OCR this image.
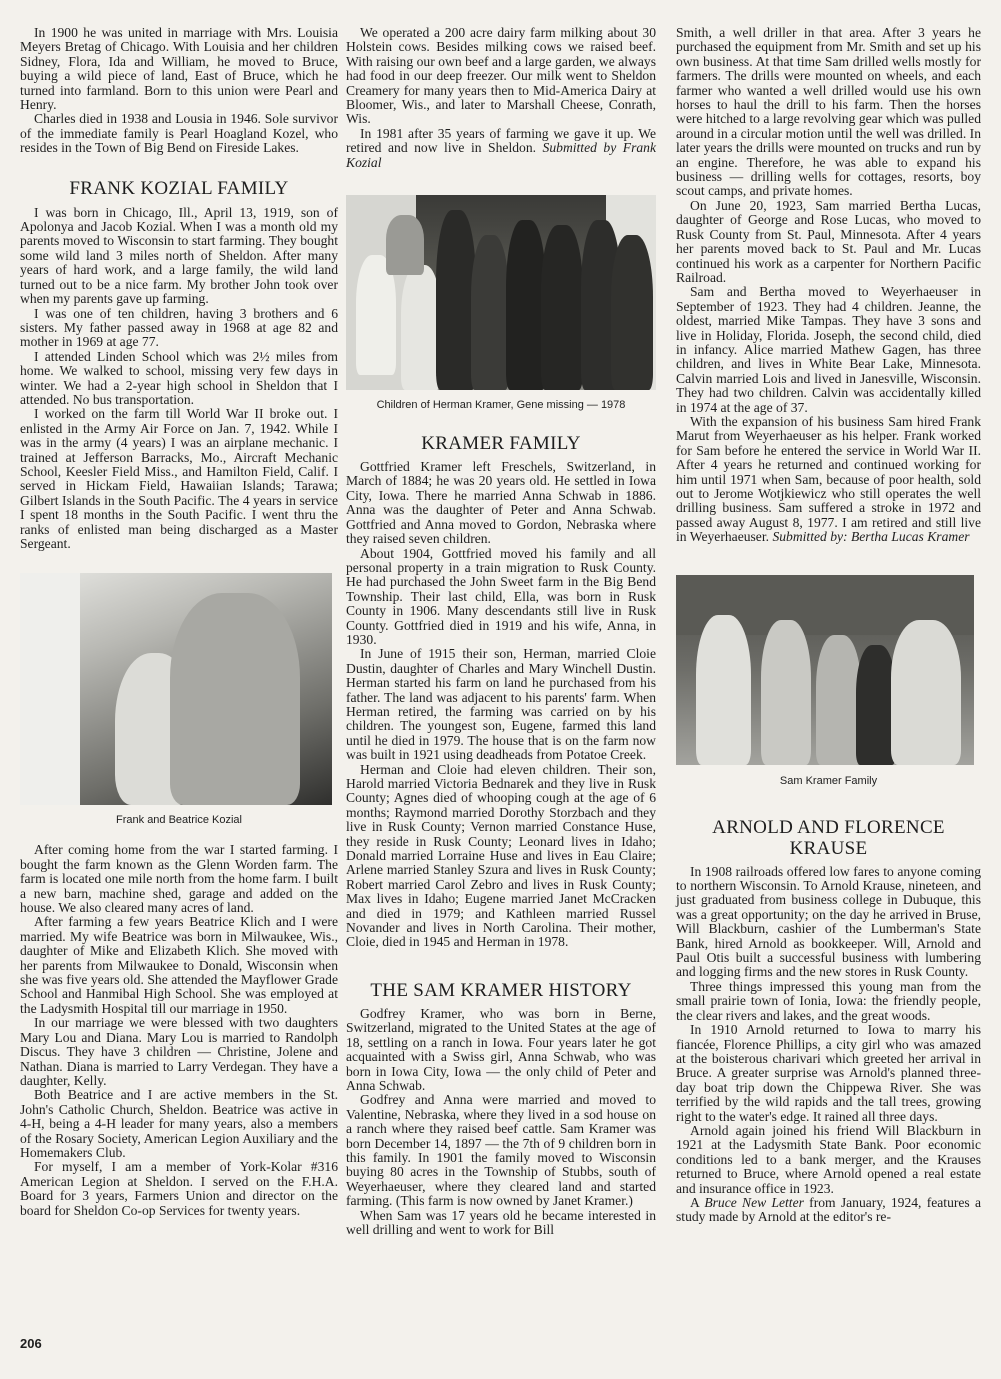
In 1900 he was united in marriage with Mrs. Louisia Meyers Bretag of Chicago. With Louisia and her children Sidney, Flora, Ida and William, he moved to Bruce, buying a wild piece of land, East of Bruce, which he turned into farmland. Born to this union were Pearl and Henry.

Charles died in 1938 and Lousia in 1946. Sole survivor of the immediate family is Pearl Hoagland Kozel, who resides in the Town of Big Bend on Fireside Lakes.

FRANK KOZIAL FAMILY

I was born in Chicago, Ill., April 13, 1919, son of Apolonya and Jacob Kozial. When I was a month old my parents moved to Wisconsin to start farming. They bought some wild land 3 miles north of Sheldon. After many years of hard work, and a large family, the wild land turned out to be a nice farm. My brother John took over when my parents gave up farming.

I was one of ten children, having 3 brothers and 6 sisters. My father passed away in 1968 at age 82 and mother in 1969 at age 77.

I attended Linden School which was 2½ miles from home. We walked to school, missing very few days in winter. We had a 2-year high school in Sheldon that I attended. No bus transportation.

I worked on the farm till World War II broke out. I enlisted in the Army Air Force on Jan. 7, 1942. While I was in the army (4 years) I was an airplane mechanic. I trained at Jefferson Barracks, Mo., Aircraft Mechanic School, Keesler Field Miss., and Hamilton Field, Calif. I served in Hickam Field, Hawaiian Islands; Tarawa; Gilbert Islands in the South Pacific. The 4 years in service I spent 18 months in the South Pacific. I went thru the ranks of enlisted man being discharged as a Master Sergeant.

Frank and Beatrice Kozial

After coming home from the war I started farming. I bought the farm known as the Glenn Worden farm. The farm is located one mile north from the home farm. I built a new barn, machine shed, garage and added on the house. We also cleared many acres of land.

After farming a few years Beatrice Klich and I were married. My wife Beatrice was born in Milwaukee, Wis., daughter of Mike and Elizabeth Klich. She moved with her parents from Milwaukee to Donald, Wisconsin when she was five years old. She attended the Mayflower Grade School and Hanmibal High School. She was employed at the Ladysmith Hospital till our marriage in 1950.

In our marriage we were blessed with two daughters Mary Lou and Diana. Mary Lou is married to Randolph Discus. They have 3 children — Christine, Jolene and Nathan. Diana is married to Larry Verdegan. They have a daughter, Kelly.

Both Beatrice and I are active members in the St. John's Catholic Church, Sheldon. Beatrice was active in 4-H, being a 4-H leader for many years, also a members of the Rosary Society, American Legion Auxiliary and the Homemakers Club.

For myself, I am a member of York-Kolar #316 American Legion at Sheldon. I served on the F.H.A. Board for 3 years, Farmers Union and director on the board for Sheldon Co-op Services for twenty years.

We operated a 200 acre dairy farm milking about 30 Holstein cows. Besides milking cows we raised beef. With raising our own beef and a large garden, we always had food in our deep freezer. Our milk went to Sheldon Creamery for many years then to Mid-America Dairy at Bloomer, Wis., and later to Marshall Cheese, Conrath, Wis.

In 1981 after 35 years of farming we gave it up. We retired and now live in Sheldon. Submitted by Frank Kozial

Children of Herman Kramer, Gene missing — 1978
KRAMER FAMILY

Gottfried Kramer left Freschels, Switzerland, in March of 1884; he was 20 years old. He settled in Iowa City, Iowa. There he married Anna Schwab in 1886. Anna was the daughter of Peter and Anna Schwab. Gottfried and Anna moved to Gordon, Nebraska where they raised seven children.

About 1904, Gottfried moved his family and all personal property in a train migration to Rusk County. He had purchased the John Sweet farm in the Big Bend Township. Their last child, Ella, was born in Rusk County in 1906. Many descendants still live in Rusk County. Gottfried died in 1919 and his wife, Anna, in 1930.

In June of 1915 their son, Herman, married Cloie Dustin, daughter of Charles and Mary Winchell Dustin. Herman started his farm on land he purchased from his father. The land was adjacent to his parents' farm. When Herman retired, the farming was carried on by his children. The youngest son, Eugene, farmed this land until he died in 1979. The house that is on the farm now was built in 1921 using deadheads from Potatoe Creek.

Herman and Cloie had eleven children. Their son, Harold married Victoria Bednarek and they live in Rusk County; Agnes died of whooping cough at the age of 6 months; Raymond married Dorothy Storzbach and they live in Rusk County; Vernon married Constance Huse, they reside in Rusk County; Leonard lives in Idaho; Donald married Lorraine Huse and lives in Eau Claire; Arlene married Stanley Szura and lives in Rusk County; Robert married Carol Zebro and lives in Rusk County; Max lives in Idaho; Eugene married Janet McCracken and died in 1979; and Kathleen married Russel Novander and lives in North Carolina. Their mother, Cloie, died in 1945 and Herman in 1978.

THE SAM KRAMER HISTORY

Godfrey Kramer, who was born in Berne, Switzerland, migrated to the United States at the age of 18, settling on a ranch in Iowa. Four years later he got acquainted with a Swiss girl, Anna Schwab, who was born in Iowa City, Iowa — the only child of Peter and Anna Schwab.

Godfrey and Anna were married and moved to Valentine, Nebraska, where they lived in a sod house on a ranch where they raised beef cattle. Sam Kramer was born December 14, 1897 — the 7th of 9 children born in this family. In 1901 the family moved to Wisconsin buying 80 acres in the Township of Stubbs, south of Weyerhaeuser, where they cleared land and started farming. (This farm is now owned by Janet Kramer.)

When Sam was 17 years old he became interested in well drilling and went to work for Bill

Smith, a well driller in that area. After 3 years he purchased the equipment from Mr. Smith and set up his own business. At that time Sam drilled wells mostly for farmers. The drills were mounted on wheels, and each farmer who wanted a well drilled would use his own horses to haul the drill to his farm. Then the horses were hitched to a large revolving gear which was pulled around in a circular motion until the well was drilled. In later years the drills were mounted on trucks and run by an engine. Therefore, he was able to expand his business — drilling wells for cottages, resorts, boy scout camps, and private homes.

On June 20, 1923, Sam married Bertha Lucas, daughter of George and Rose Lucas, who moved to Rusk County from St. Paul, Minnesota. After 4 years her parents moved back to St. Paul and Mr. Lucas continued his work as a carpenter for Northern Pacific Railroad.

Sam and Bertha moved to Weyerhaeuser in September of 1923. They had 4 children. Jeanne, the oldest, married Mike Tampas. They have 3 sons and live in Holiday, Florida. Joseph, the second child, died in infancy. Alice married Mathew Gagen, has three children, and lives in White Bear Lake, Minnesota. Calvin married Lois and lived in Janesville, Wisconsin. They had two children. Calvin was accidentally killed in 1974 at the age of 37.

With the expansion of his business Sam hired Frank Marut from Weyerhaeuser as his helper. Frank worked for Sam before he entered the service in World War II. After 4 years he returned and continued working for him until 1971 when Sam, because of poor health, sold out to Jerome Wotjkiewicz who still operates the well drilling business. Sam suffered a stroke in 1972 and passed away August 8, 1977. I am retired and still live in Weyerhaeuser. Submitted by: Bertha Lucas Kramer

Sam Kramer Family
ARNOLD AND FLORENCE KRAUSE

In 1908 railroads offered low fares to anyone coming to northern Wisconsin. To Arnold Krause, nineteen, and just graduated from business college in Dubuque, this was a great opportunity; on the day he arrived in Bruse, Will Blackburn, cashier of the Lumberman's State Bank, hired Arnold as bookkeeper. Will, Arnold and Paul Otis built a successful business with lumbering and logging firms and the new stores in Rusk County.

Three things impressed this young man from the small prairie town of Ionia, Iowa: the friendly people, the clear rivers and lakes, and the great woods.

In 1910 Arnold returned to Iowa to marry his fiancée, Florence Phillips, a city girl who was amazed at the boisterous charivari which greeted her arrival in Bruce. A greater surprise was Arnold's planned three-day boat trip down the Chippewa River. She was terrified by the wild rapids and the tall trees, growing right to the water's edge. It rained all three days.

Arnold again joined his friend Will Blackburn in 1921 at the Ladysmith State Bank. Poor economic conditions led to a bank merger, and the Krauses returned to Bruce, where Arnold opened a real estate and insurance office in 1923.

A Bruce New Letter from January, 1924, features a study made by Arnold at the editor's re-

206
